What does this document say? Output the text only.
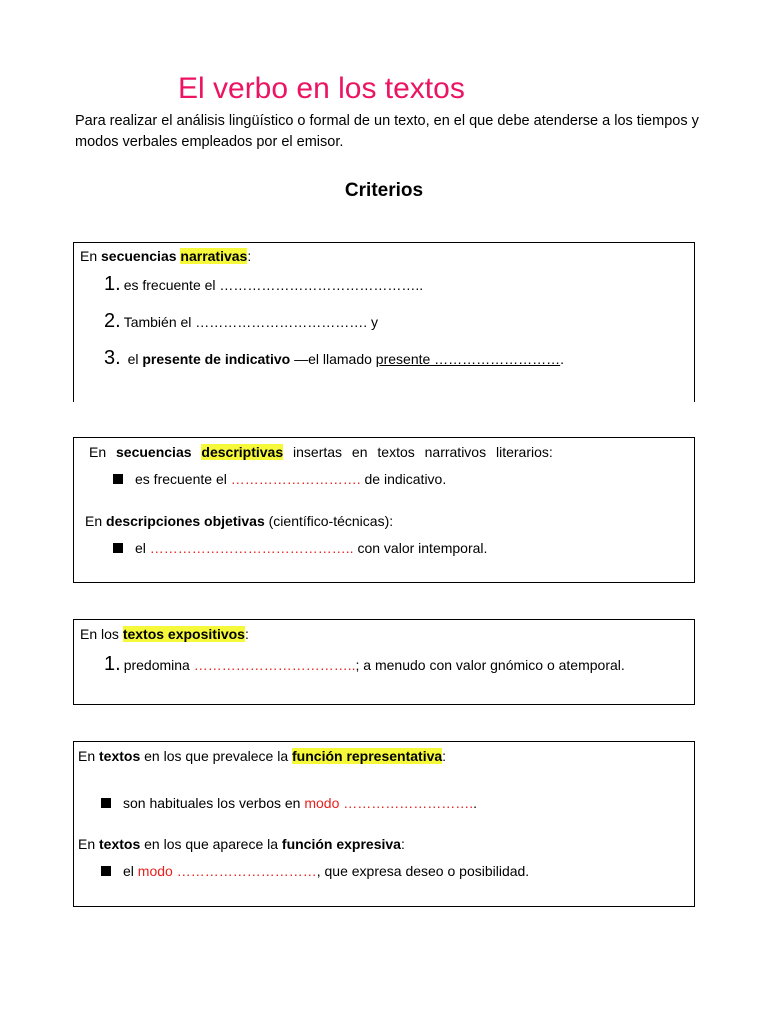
El verbo en los textos
Para realizar el análisis lingüístico o formal de un texto, en el que debe atenderse a los tiempos y modos verbales empleados por el emisor.
Criterios
En secuencias narrativas:
1. es frecuente el ……………………………………..
2. También el ………………………………. y
3. el presente de indicativo —el llamado presente ……………………….
En secuencias descriptivas insertas en textos narrativos literarios:
es frecuente el ………………………. de indicativo.
En descripciones objetivas (científico-técnicas):
el …………………………………….. con valor intemporal.
En los textos expositivos:
1. predomina ……………………………..; a menudo con valor gnómico o atemporal.
En textos en los que prevalece la función representativa:
son habituales los verbos en modo ………………………..
En textos en los que aparece la función expresiva:
el modo …………………………, que expresa deseo o posibilidad.
